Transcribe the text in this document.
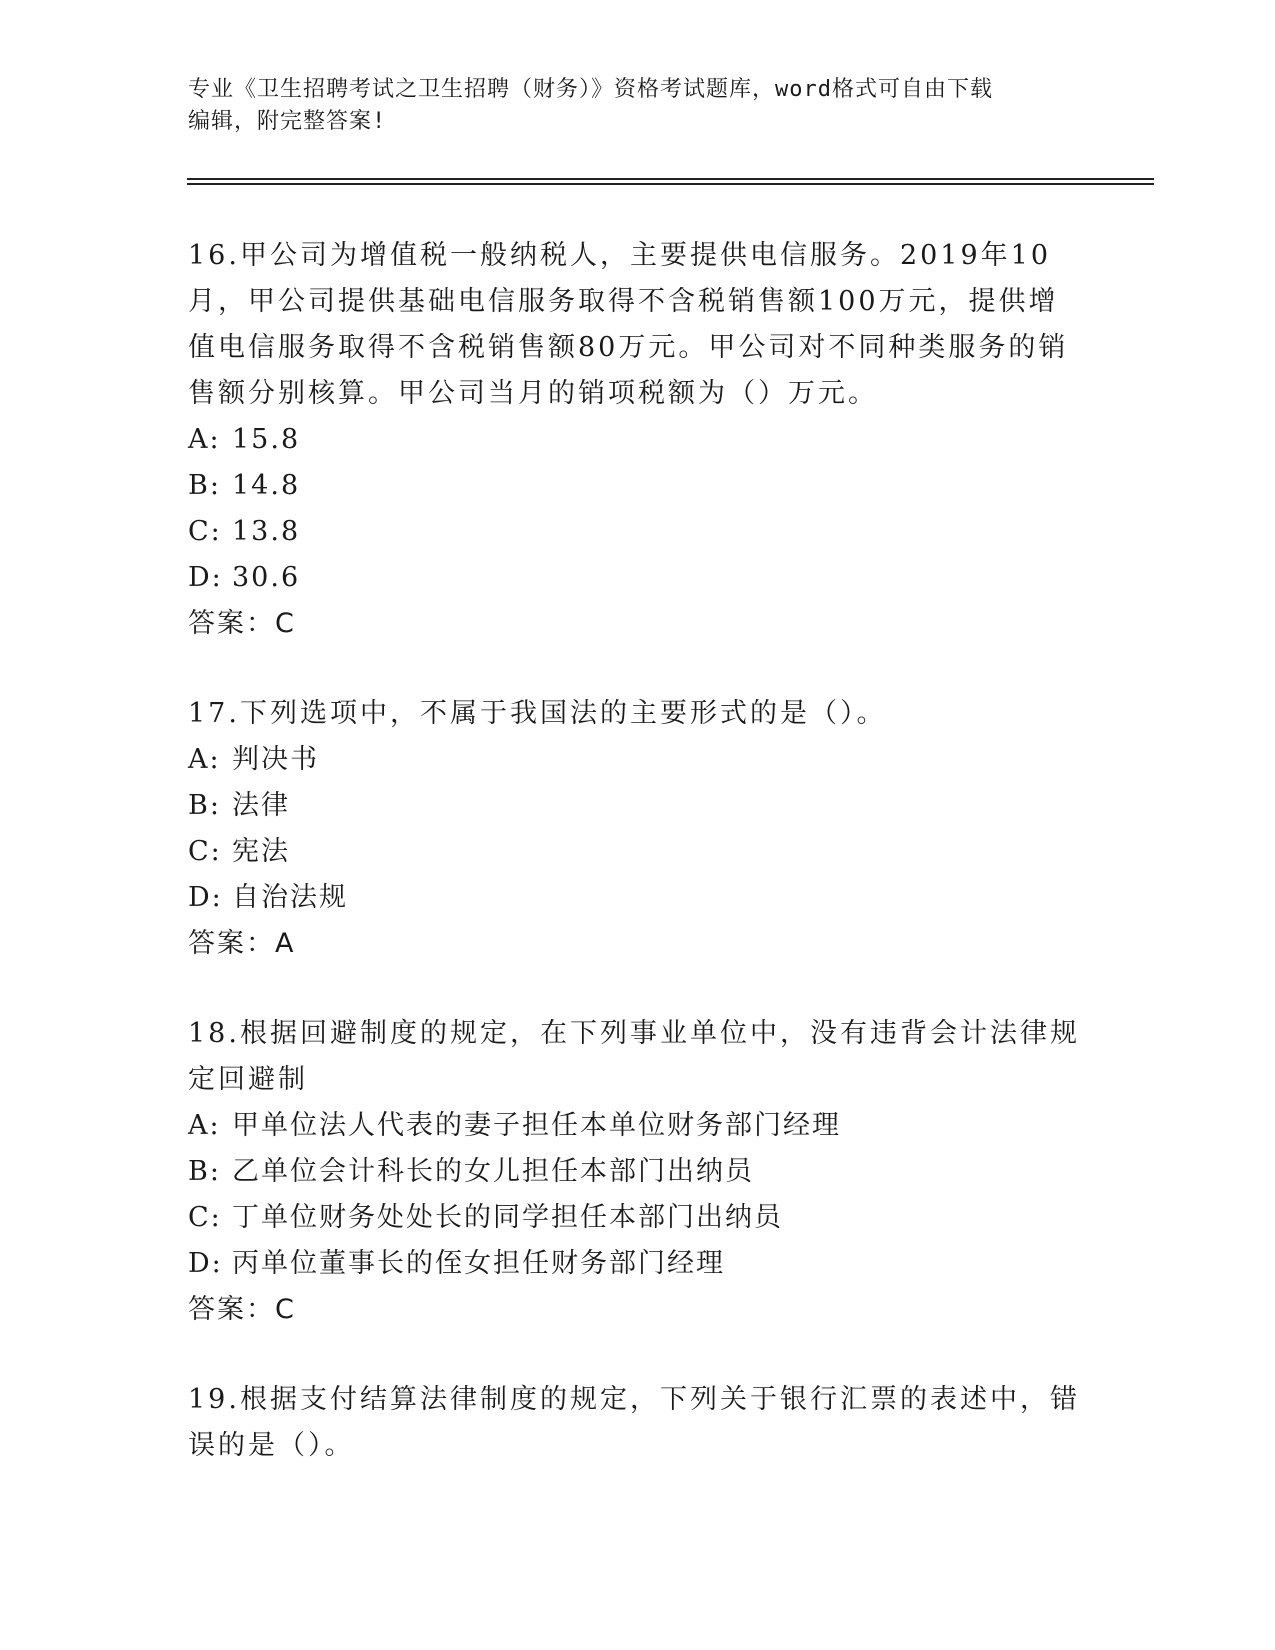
专业《卫生招聘考试之卫生招聘（财务）》资格考试题库，word格式可自由下载
编辑，附完整答案!

16.甲公司为增值税一般纳税人，主要提供电信服务。2019年10月，甲公司提供基础电信服务取得不含税销售额100万元，提供增值电信服务取得不含税销售额80万元。甲公司对不同种类服务的销售额分别核算。甲公司当月的销项税额为（）万元。

A: 15.8

B: 14.8

C: 13.8

D: 30.6

答案：C

17.下列选项中，不属于我国法的主要形式的是（）。

A: 判决书

B: 法律

C: 宪法

D: 自治法规

答案：A

18.根据回避制度的规定，在下列事业单位中，没有违背会计法律规定回避制

A: 甲单位法人代表的妻子担任本单位财务部门经理

B: 乙单位会计科长的女儿担任本部门出纳员

C: 丁单位财务处处长的同学担任本部门出纳员

D: 丙单位董事长的侄女担任财务部门经理

答案：C

19.根据支付结算法律制度的规定，下列关于银行汇票的表述中，错误的是（）。
